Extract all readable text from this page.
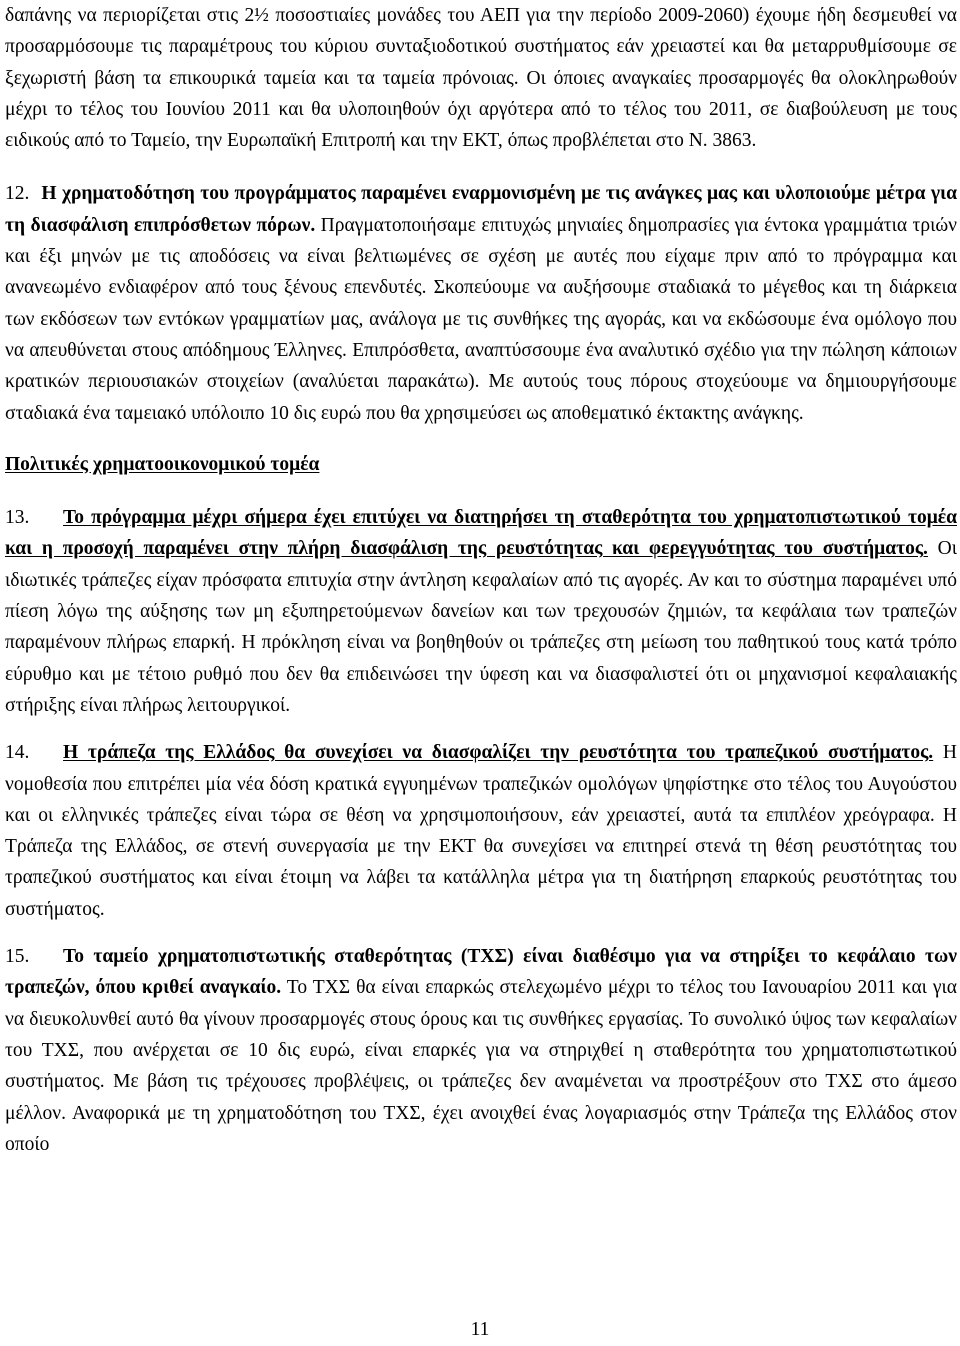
δαπάνης να περιορίζεται στις 2½ ποσοστιαίες μονάδες του ΑΕΠ για την περίοδο 2009-2060) έχουμε ήδη δεσμευθεί να προσαρμόσουμε τις παραμέτρους του κύριου συνταξιοδοτικού συστήματος εάν χρειαστεί και θα μεταρρυθμίσουμε σε ξεχωριστή βάση τα επικουρικά ταμεία και τα ταμεία πρόνοιας. Οι όποιες αναγκαίες προσαρμογές θα ολοκληρωθούν μέχρι το τέλος του Ιουνίου 2011 και θα υλοποιηθούν όχι αργότερα από το τέλος του 2011, σε διαβούλευση με τους ειδικούς από το Ταμείο, την Ευρωπαϊκή Επιτροπή και την ΕΚΤ, όπως προβλέπεται στο Ν. 3863.

12. Η χρηματοδότηση του προγράμματος παραμένει εναρμονισμένη με τις ανάγκες μας και υλοποιούμε μέτρα για τη διασφάλιση επιπρόσθετων πόρων. Πραγματοποιήσαμε επιτυχώς μηνιαίες δημοπρασίες για έντοκα γραμμάτια τριών και έξι μηνών με τις αποδόσεις να είναι βελτιωμένες σε σχέση με αυτές που είχαμε πριν από το πρόγραμμα και ανανεωμένο ενδιαφέρον από τους ξένους επενδυτές. Σκοπεύουμε να αυξήσουμε σταδιακά το μέγεθος και τη διάρκεια των εκδόσεων των εντόκων γραμματίων μας, ανάλογα με τις συνθήκες της αγοράς, και να εκδώσουμε ένα ομόλογο που να απευθύνεται στους απόδημους Έλληνες. Επιπρόσθετα, αναπτύσσουμε ένα αναλυτικό σχέδιο για την πώληση κάποιων κρατικών περιουσιακών στοιχείων (αναλύεται παρακάτω). Με αυτούς τους πόρους στοχεύουμε να δημιουργήσουμε σταδιακά ένα ταμειακό υπόλοιπο 10 δις ευρώ που θα χρησιμεύσει ως αποθεματικό έκτακτης ανάγκης.

Πολιτικές χρηματοοικονομικού τομέα

13. Το πρόγραμμα μέχρι σήμερα έχει επιτύχει να διατηρήσει τη σταθερότητα του χρηματοπιστωτικού τομέα και η προσοχή παραμένει στην πλήρη διασφάλιση της ρευστότητας και φερεγγυότητας του συστήματος. Οι ιδιωτικές τράπεζες είχαν πρόσφατα επιτυχία στην άντληση κεφαλαίων από τις αγορές. Αν και το σύστημα παραμένει υπό πίεση λόγω της αύξησης των μη εξυπηρετούμενων δανείων και των τρεχουσών ζημιών, τα κεφάλαια των τραπεζών παραμένουν πλήρως επαρκή. Η πρόκληση είναι να βοηθηθούν οι τράπεζες στη μείωση του παθητικού τους κατά τρόπο εύρυθμο και με τέτοιο ρυθμό που δεν θα επιδεινώσει την ύφεση και να διασφαλιστεί ότι οι μηχανισμοί κεφαλαιακής στήριξης είναι πλήρως λειτουργικοί.

14. Η τράπεζα της Ελλάδος θα συνεχίσει να διασφαλίζει την ρευστότητα του τραπεζικού συστήματος. Η νομοθεσία που επιτρέπει μία νέα δόση κρατικά εγγυημένων τραπεζικών ομολόγων ψηφίστηκε στο τέλος του Αυγούστου και οι ελληνικές τράπεζες είναι τώρα σε θέση να χρησιμοποιήσουν, εάν χρειαστεί, αυτά τα επιπλέον χρεόγραφα. Η Τράπεζα της Ελλάδος, σε στενή συνεργασία με την ΕΚΤ θα συνεχίσει να επιτηρεί στενά τη θέση ρευστότητας του τραπεζικού συστήματος και είναι έτοιμη να λάβει τα κατάλληλα μέτρα για τη διατήρηση επαρκούς ρευστότητας του συστήματος.

15. Το ταμείο χρηματοπιστωτικής σταθερότητας (ΤΧΣ) είναι διαθέσιμο για να στηρίξει το κεφάλαιο των τραπεζών, όπου κριθεί αναγκαίο. Το ΤΧΣ θα είναι επαρκώς στελεχωμένο μέχρι το τέλος του Ιανουαρίου 2011 και για να διευκολυνθεί αυτό θα γίνουν προσαρμογές στους όρους και τις συνθήκες εργασίας. Το συνολικό ύψος των κεφαλαίων του ΤΧΣ, που ανέρχεται σε 10 δις ευρώ, είναι επαρκές για να στηριχθεί η σταθερότητα του χρηματοπιστωτικού συστήματος. Με βάση τις τρέχουσες προβλέψεις, οι τράπεζες δεν αναμένεται να προστρέξουν στο ΤΧΣ στο άμεσο μέλλον. Αναφορικά με τη χρηματοδότηση του ΤΧΣ, έχει ανοιχθεί ένας λογαριασμός στην Τράπεζα της Ελλάδος στον οποίο

11
